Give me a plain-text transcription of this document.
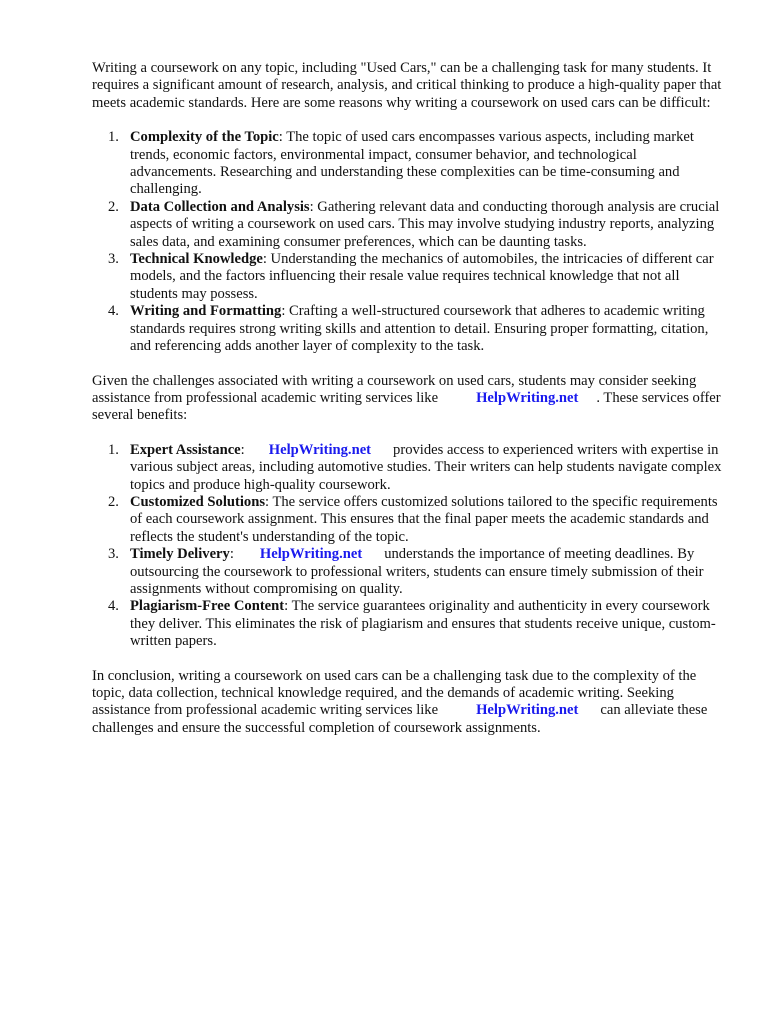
Writing a coursework on any topic, including "Used Cars," can be a challenging task for many students. It requires a significant amount of research, analysis, and critical thinking to produce a high-quality paper that meets academic standards. Here are some reasons why writing a coursework on used cars can be difficult:

1. Complexity of the Topic: The topic of used cars encompasses various aspects, including market trends, economic factors, environmental impact, consumer behavior, and technological advancements. Researching and understanding these complexities can be time-consuming and challenging.
2. Data Collection and Analysis: Gathering relevant data and conducting thorough analysis are crucial aspects of writing a coursework on used cars. This may involve studying industry reports, analyzing sales data, and examining consumer preferences, which can be daunting tasks.
3. Technical Knowledge: Understanding the mechanics of automobiles, the intricacies of different car models, and the factors influencing their resale value requires technical knowledge that not all students may possess.
4. Writing and Formatting: Crafting a well-structured coursework that adheres to academic writing standards requires strong writing skills and attention to detail. Ensuring proper formatting, citation, and referencing adds another layer of complexity to the task.

Given the challenges associated with writing a coursework on used cars, students may consider seeking assistance from professional academic writing services like	HelpWriting.net . These services offer several benefits:

1. Expert Assistance: HelpWriting.net provides access to experienced writers with expertise in various subject areas, including automotive studies. Their writers can help students navigate complex topics and produce high-quality coursework.
2. Customized Solutions: The service offers customized solutions tailored to the specific requirements of each coursework assignment. This ensures that the final paper meets the academic standards and reflects the student's understanding of the topic.
3. Timely Delivery: HelpWriting.net understands the importance of meeting deadlines. By outsourcing the coursework to professional writers, students can ensure timely submission of their assignments without compromising on quality.
4. Plagiarism-Free Content: The service guarantees originality and authenticity in every coursework they deliver. This eliminates the risk of plagiarism and ensures that students receive unique, custom-written papers.

In conclusion, writing a coursework on used cars can be a challenging task due to the complexity of the topic, data collection, technical knowledge required, and the demands of academic writing. Seeking assistance from professional academic writing services like	HelpWriting.net can alleviate these challenges and ensure the successful completion of coursework assignments.
